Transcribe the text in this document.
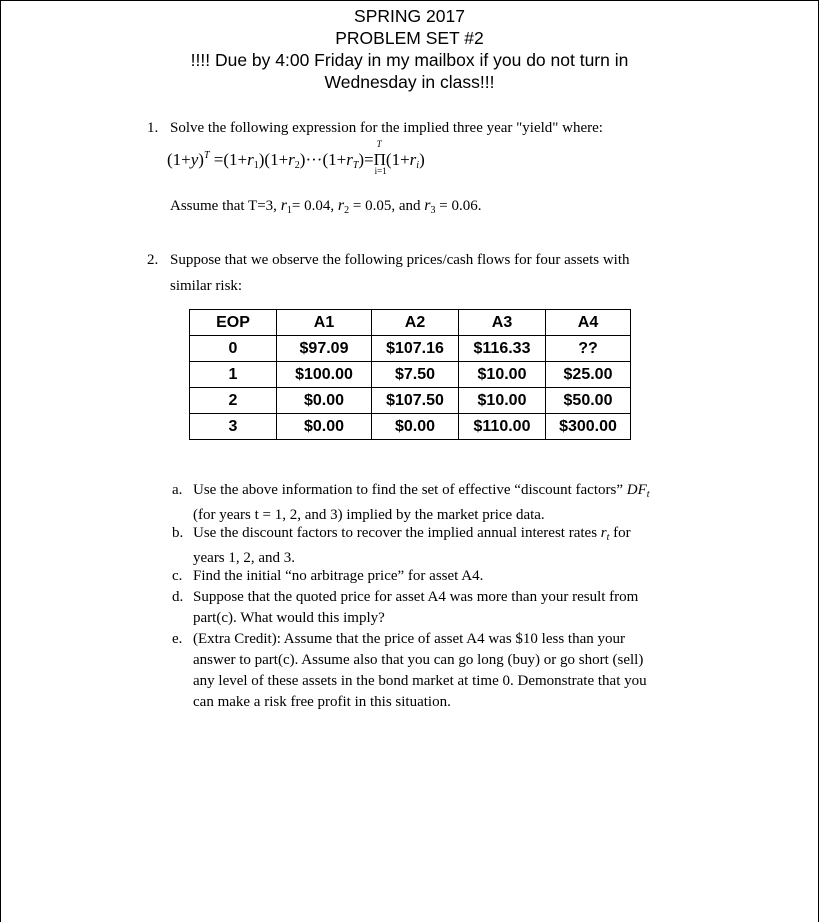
SPRING 2017
PROBLEM SET #2
!!!! Due by 4:00 Friday in my mailbox if you do not turn in
Wednesday in class!!!
1. Solve the following expression for the implied three year "yield" where:
$(1+y)^T =(1+r_1)(1+r_2)\cdot\cdot\cdot(1+r_T)=$
T
Π
i=1
$(1+r_i)$
Assume that T=3, $r_1= 0.04$, $r_2 = 0.05$, and $r_3 = 0.06$.
2. Suppose that we observe the following prices/cash flows for four assets with
similar risk:
EOP	A1	A2	A3	A4
0	$97.09	$107.16	$116.33	??
1	$100.00	$7.50	$10.00	$25.00
2	$0.00	$107.50	$10.00	$50.00
3	$0.00	$0.00	$110.00	$300.00
a. Use the above information to find the set of effective “discount factors” $DF_t$
(for years t = 1, 2, and 3) implied by the market price data.
b. Use the discount factors to recover the implied annual interest rates $r_t$ for
years 1, 2, and 3.
c. Find the initial “no arbitrage price” for asset A4.
d. Suppose that the quoted price for asset A4 was more than your result from
part(c). What would this imply?
e. (Extra Credit): Assume that the price of asset A4 was $10 less than your
answer to part(c). Assume also that you can go long (buy) or go short (sell)
any level of these assets in the bond market at time 0. Demonstrate that you
can make a risk free profit in this situation.
